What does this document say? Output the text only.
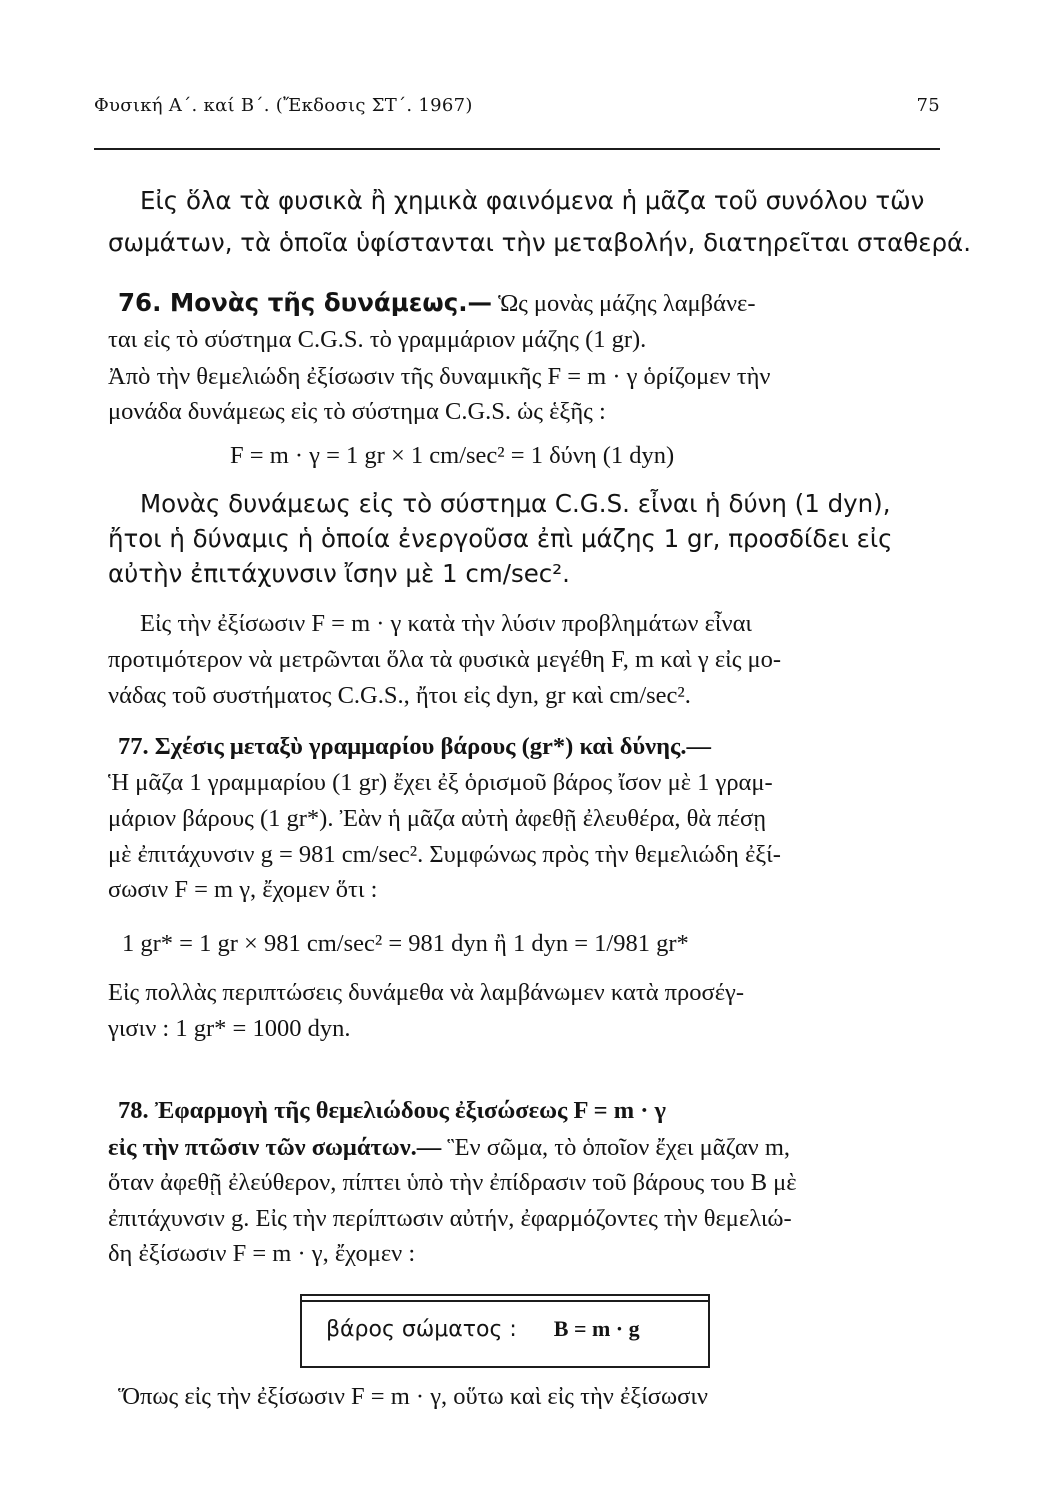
Φυσική Α΄. καί Β΄. (Ἔκδοσις ΣΤ΄. 1967)	75
Εἰς ὅλα τὰ φυσικὰ ἢ χημικὰ φαινόμενα ἡ μᾶζα τοῦ συνόλου τῶν
σωμάτων, τὰ ὁποῖα ὑφίστανται τὴν μεταβολήν, διατηρεῖται σταθερά.
76. Μονὰς τῆς δυνάμεως.— Ὡς μονὰς μάζης λαμβάνε-
ται εἰς τὸ σύστημα C.G.S. τὸ γραμμάριον μάζης (1 gr).
Ἀπὸ τὴν θεμελιώδη ἐξίσωσιν τῆς δυναμικῆς F = m · γ ὁρίζομεν τὴν
μονάδα δυνάμεως εἰς τὸ σύστημα C.G.S. ὡς ἑξῆς :
F = m · γ = 1 gr × 1 cm/sec² = 1 δύνη (1 dyn)
Μονὰς δυνάμεως εἰς τὸ σύστημα C.G.S. εἶναι ἡ δύνη (1 dyn),
ἤτοι ἡ δύναμις ἡ ὁποία ἐνεργοῦσα ἐπὶ μάζης 1 gr, προσδίδει εἰς
αὐτὴν ἐπιτάχυνσιν ἴσην μὲ 1 cm/sec².
Εἰς τὴν ἐξίσωσιν F = m · γ κατὰ τὴν λύσιν προβλημάτων εἶναι
προτιμότερον νὰ μετρῶνται ὅλα τὰ φυσικὰ μεγέθη F, m καὶ γ εἰς μο-
νάδας τοῦ συστήματος C.G.S., ἤτοι εἰς dyn, gr καὶ cm/sec².
77. Σχέσις μεταξὺ γραμμαρίου βάρους (gr*) καὶ δύνης.—
Ἡ μᾶζα 1 γραμμαρίου (1 gr) ἔχει ἐξ ὁρισμοῦ βάρος ἴσον μὲ 1 γραμ-
μάριον βάρους (1 gr*). Ἐὰν ἡ μᾶζα αὐτὴ ἀφεθῇ ἐλευθέρα, θὰ πέσῃ
μὲ ἐπιτάχυνσιν g = 981 cm/sec². Συμφώνως πρὸς τὴν θεμελιώδη ἐξί-
σωσιν F = m γ, ἔχομεν ὅτι :
1 gr* = 1 gr × 981 cm/sec² = 981 dyn ἢ 1 dyn = 1/981 gr*
Εἰς πολλὰς περιπτώσεις δυνάμεθα νὰ λαμβάνωμεν κατὰ προσέγ-
γισιν : 1 gr* = 1000 dyn.
78. Ἐφαρμογὴ τῆς θεμελιώδους ἐξισώσεως F = m · γ
εἰς τὴν πτῶσιν τῶν σωμάτων.— Ἓν σῶμα, τὸ ὁποῖον ἔχει μᾶζαν m,
ὅταν ἀφεθῇ ἐλεύθερον, πίπτει ὑπὸ τὴν ἐπίδρασιν τοῦ βάρους του B μὲ
ἐπιτάχυνσιν g. Εἰς τὴν περίπτωσιν αὐτήν, ἐφαρμόζοντες τὴν θεμελιώ-
δη ἐξίσωσιν F = m · γ, ἔχομεν :
βάρος σώματος : B = m · g
Ὅπως εἰς τὴν ἐξίσωσιν F = m · γ, οὕτω καὶ εἰς τὴν ἐξίσωσιν
